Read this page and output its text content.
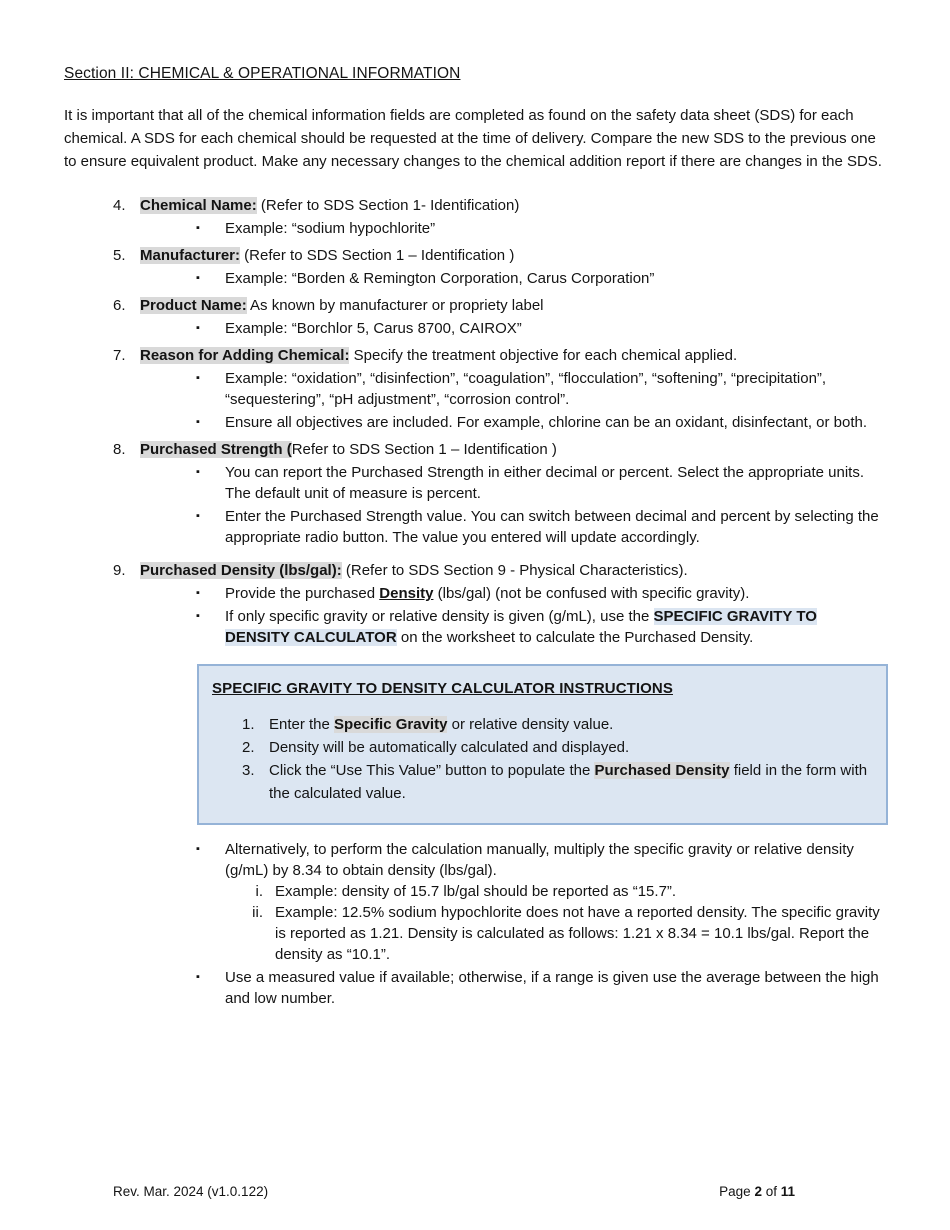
Section II: CHEMICAL & OPERATIONAL INFORMATION
It is important that all of the chemical information fields are completed as found on the safety data sheet (SDS) for each chemical. A SDS for each chemical should be requested at the time of delivery. Compare the new SDS to the previous one to ensure equivalent product. Make any necessary changes to the chemical addition report if there are changes in the SDS.
4. Chemical Name: (Refer to SDS Section 1- Identification)
▪	Example: “sodium hypochlorite”
5. Manufacturer: (Refer to SDS Section 1 – Identification )
▪	Example: “Borden & Remington Corporation, Carus Corporation”
6. Product Name: As known by manufacturer or propriety label
▪	Example: “Borchlor 5, Carus 8700, CAIROX”
7. Reason for Adding Chemical: Specify the treatment objective for each chemical applied.
▪	Example: “oxidation”, “disinfection”, “coagulation”, “flocculation”, “softening”, “precipitation”, “sequestering”, “pH adjustment”, “corrosion control”.
▪	Ensure all objectives are included. For example, chlorine can be an oxidant, disinfectant, or both.
8. Purchased Strength (Refer to SDS Section 1 – Identification )
▪	You can report the Purchased Strength in either decimal or percent. Select the appropriate units. The default unit of measure is percent.
▪	Enter the Purchased Strength value. You can switch between decimal and percent by selecting the appropriate radio button. The value you entered will update accordingly.
9. Purchased Density (lbs/gal): (Refer to SDS Section 9 - Physical Characteristics).
▪	Provide the purchased Density (lbs/gal) (not be confused with specific gravity).
▪	If only specific gravity or relative density is given (g/mL), use the SPECIFIC GRAVITY TO DENSITY CALCULATOR on the worksheet to calculate the Purchased Density.
SPECIFIC GRAVITY TO DENSITY CALCULATOR INSTRUCTIONS
1. Enter the Specific Gravity or relative density value.
2. Density will be automatically calculated and displayed.
3. Click the “Use This Value” button to populate the Purchased Density field in the form with the calculated value.
▪	Alternatively, to perform the calculation manually, multiply the specific gravity or relative density (g/mL) by 8.34 to obtain density (lbs/gal).
i. Example: density of 15.7 lb/gal should be reported as “15.7”.
ii. Example: 12.5% sodium hypochlorite does not have a reported density. The specific gravity is reported as 1.21. Density is calculated as follows: 1.21 x 8.34 = 10.1 lbs/gal. Report the density as “10.1”.
▪	Use a measured value if available; otherwise, if a range is given use the average between the high and low number.
Rev. Mar. 2024 (v1.0.122)	Page 2 of 11
